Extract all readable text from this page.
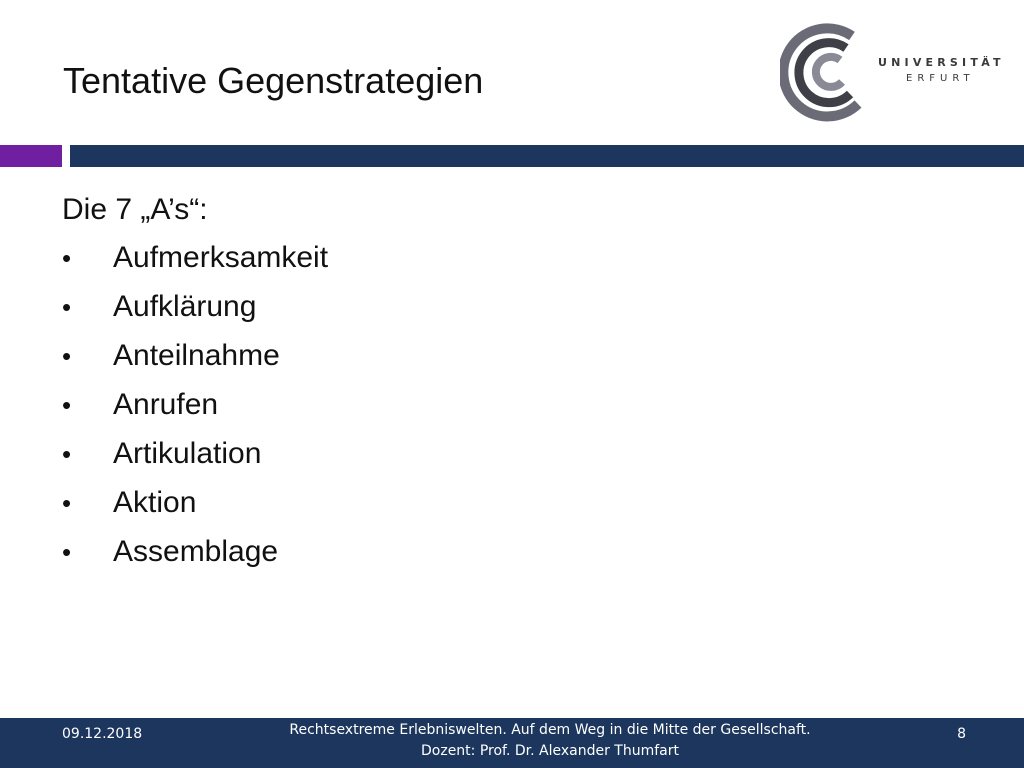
Tentative Gegenstrategien	UNIVERSITÄT
ERFURT
Die 7 „A’s“:
•	Aufmerksamkeit
•	Aufklärung
•	Anteilnahme
•	Anrufen
•	Artikulation
•	Aktion
•	Assemblage
09.12.2018	Rechtsextreme Erlebniswelten. Auf dem Weg in die Mitte der Gesellschaft.
Dozent: Prof. Dr. Alexander Thumfart
8
